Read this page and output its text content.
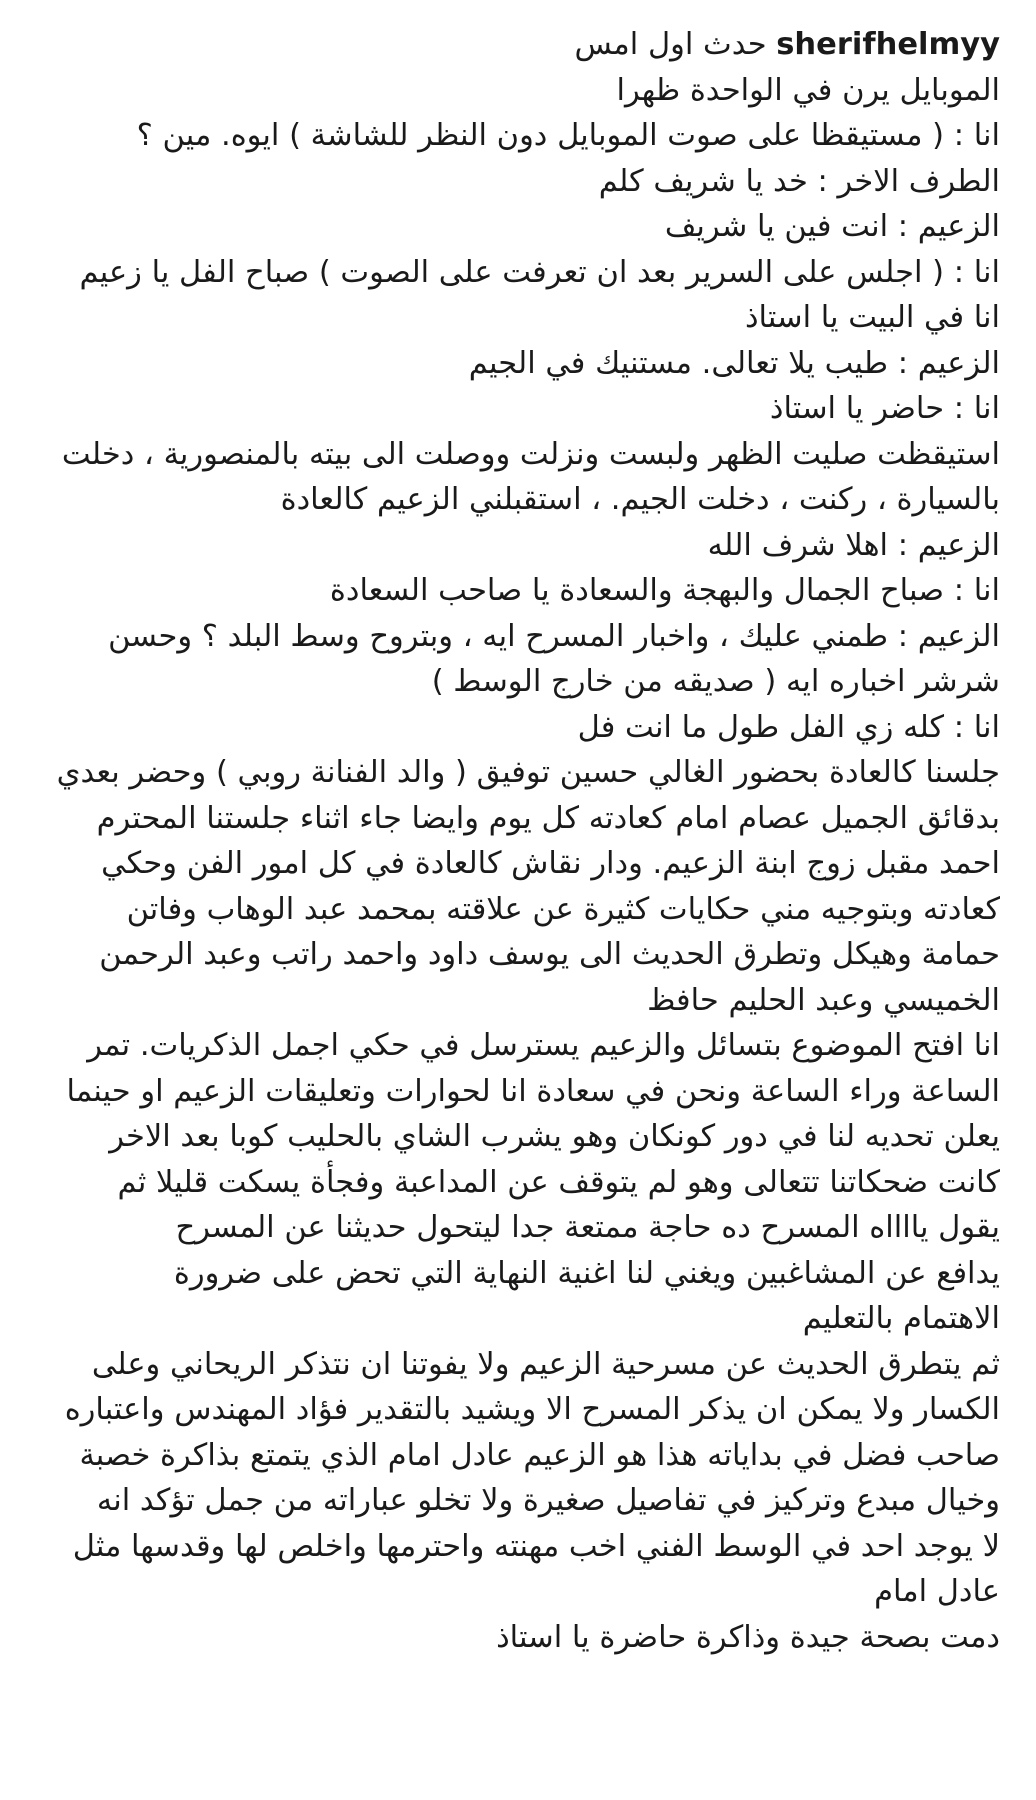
sherifhelmyy حدث اول امس
الموبايل يرن في الواحدة ظهرا
انا : ( مستيقظا على صوت الموبايل دون النظر للشاشة ) ايوه. مين ؟
الطرف الاخر : خد يا شريف كلم
الزعيم : انت فين يا شريف
انا : ( اجلس على السرير بعد ان تعرفت على الصوت ) صباح الفل يا زعيم
انا في البيت يا استاذ
الزعيم : طيب يلا تعالى. مستنيك في الجيم
انا : حاضر يا استاذ
استيقظت صليت الظهر ولبست ونزلت ووصلت الى بيته بالمنصورية ، دخلت
بالسيارة ، ركنت ، دخلت الجيم. ، استقبلني الزعيم كالعادة
الزعيم : اهلا شرف الله
انا : صباح الجمال والبهجة والسعادة يا صاحب السعادة
الزعيم : طمني عليك ، واخبار المسرح ايه ، وبتروح وسط البلد ؟ وحسن
شرشر اخباره ايه ( صديقه من خارج الوسط )
انا : كله زي الفل طول ما انت فل
جلسنا كالعادة بحضور الغالي حسين توفيق ( والد الفنانة روبي ) وحضر بعدي
بدقائق الجميل عصام امام كعادته كل يوم وايضا جاء اثناء جلستنا المحترم
احمد مقبل زوج ابنة الزعيم. ودار نقاش كالعادة في كل امور الفن وحكي
كعادته وبتوجيه مني حكايات كثيرة عن علاقته بمحمد عبد الوهاب وفاتن
حمامة وهيكل وتطرق الحديث الى يوسف داود واحمد راتب وعبد الرحمن
الخميسي وعبد الحليم حافظ
انا افتح الموضوع بتسائل والزعيم يسترسل في حكي اجمل الذكريات. تمر
الساعة وراء الساعة ونحن في سعادة انا لحوارات وتعليقات الزعيم او حينما
يعلن تحديه لنا في دور كونكان وهو يشرب الشاي بالحليب كوبا بعد الاخر
كانت ضحكاتنا تتعالى وهو لم يتوقف عن المداعبة وفجأة يسكت قليلا ثم
يقول يااااه المسرح ده حاجة ممتعة جدا ليتحول حديثنا عن المسرح
يدافع عن المشاغبين ويغني لنا اغنية النهاية التي تحض على ضرورة
الاهتمام بالتعليم
ثم يتطرق الحديث عن مسرحية الزعيم ولا يفوتنا ان نتذكر الريحاني وعلى
الكسار ولا يمكن ان يذكر المسرح الا ويشيد بالتقدير فؤاد المهندس واعتباره
صاحب فضل في بداياته هذا هو الزعيم عادل امام الذي يتمتع بذاكرة خصبة
وخيال مبدع وتركيز في تفاصيل صغيرة ولا تخلو عباراته من جمل تؤكد انه
لا يوجد احد في الوسط الفني اخب مهنته واحترمها واخلص لها وقدسها مثل
عادل امام
دمت بصحة جيدة وذاكرة حاضرة يا استاذ
